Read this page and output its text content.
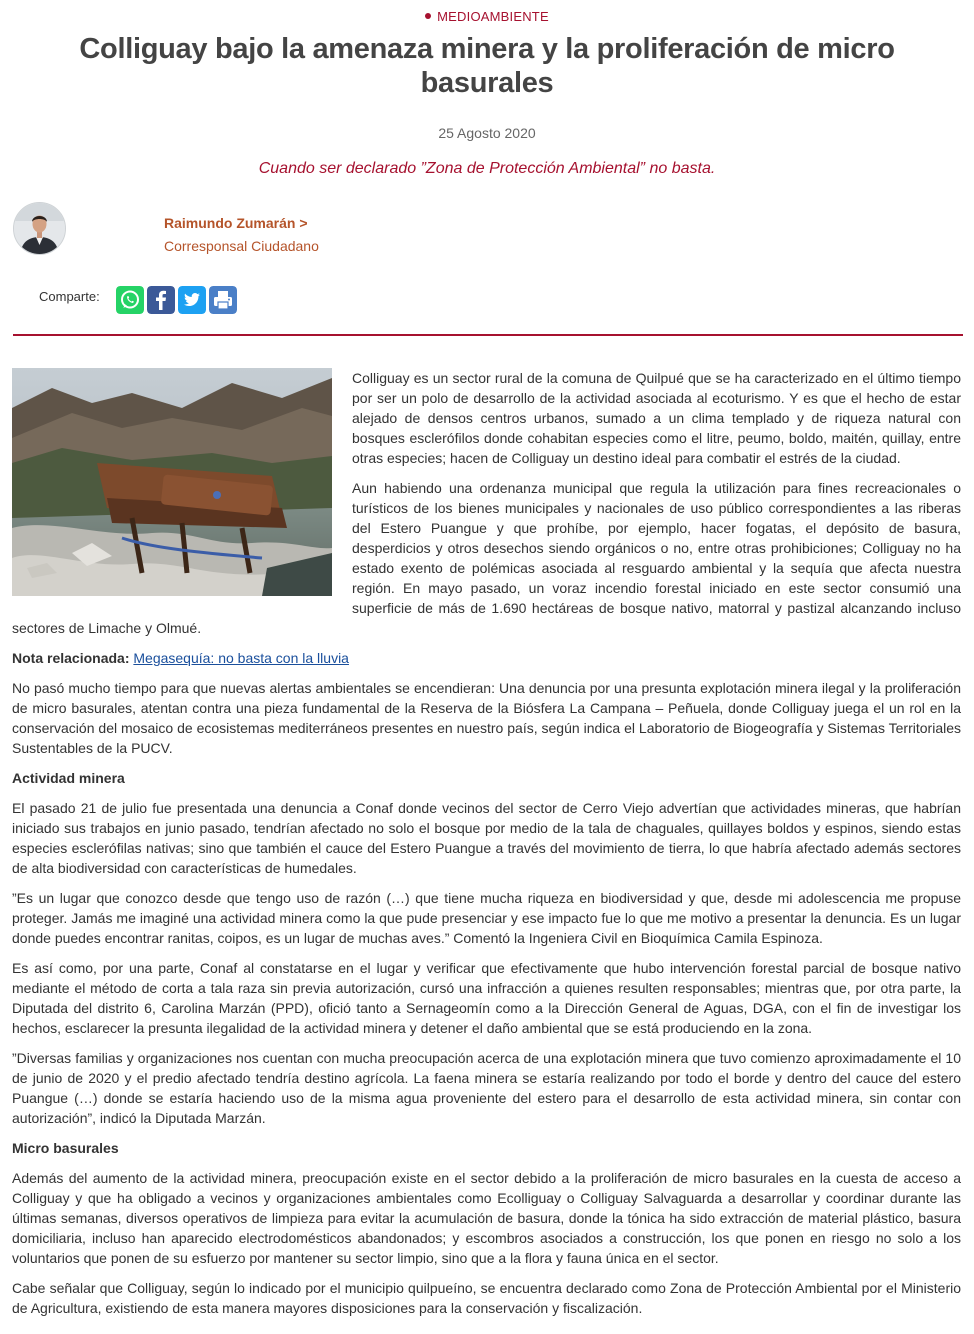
MEDIOAMBIENTE
Colliguay bajo la amenaza minera y la proliferación de micro basurales
25 Agosto 2020
Cuando ser declarado ”Zona de Protección Ambiental” no basta.
Raimundo Zumarán >
Corresponsal Ciudadano
Comparte:

Colliguay es un sector rural de la comuna de Quilpué que se ha caracterizado en el último tiempo por ser un polo de desarrollo de la actividad asociada al ecoturismo. Y es que el hecho de estar alejado de densos centros urbanos, sumado a un clima templado y de riqueza natural con bosques esclerófilos donde cohabitan especies como el litre, peumo, boldo, maitén, quillay, entre otras especies; hacen de Colliguay un destino ideal para combatir el estrés de la ciudad.

Aun habiendo una ordenanza municipal que regula la utilización para fines recreacionales o turísticos de los bienes municipales y nacionales de uso público correspondientes a las riberas del Estero Puangue y que prohíbe, por ejemplo, hacer fogatas, el depósito de basura, desperdicios y otros desechos siendo orgánicos o no, entre otras prohibiciones; Colliguay no ha estado exento de polémicas asociada al resguardo ambiental y la sequía que afecta nuestra región. En mayo pasado, un voraz incendio forestal iniciado en este sector consumió una superficie de más de 1.690 hectáreas de bosque nativo, matorral y pastizal alcanzando incluso sectores de Limache y Olmué.

Nota relacionada: Megasequía: no basta con la lluvia

No pasó mucho tiempo para que nuevas alertas ambientales se encendieran: Una denuncia por una presunta explotación minera ilegal y la proliferación de micro basurales, atentan contra una pieza fundamental de la Reserva de la Biósfera La Campana – Peñuela, donde Colliguay juega el un rol en la conservación del mosaico de ecosistemas mediterráneos presentes en nuestro país, según indica el Laboratorio de Biogeografía y Sistemas Territoriales Sustentables de la PUCV.

Actividad minera

El pasado 21 de julio fue presentada una denuncia a Conaf donde vecinos del sector de Cerro Viejo advertían que actividades mineras, que habrían iniciado sus trabajos en junio pasado, tendrían afectado no solo el bosque por medio de la tala de chaguales, quillayes boldos y espinos, siendo estas especies esclerófilas nativas; sino que también el cauce del Estero Puangue a través del movimiento de tierra, lo que habría afectado además sectores de alta biodiversidad con características de humedales.

”Es un lugar que conozco desde que tengo uso de razón (…) que tiene mucha riqueza en biodiversidad y que, desde mi adolescencia me propuse proteger. Jamás me imaginé una actividad minera como la que pude presenciar y ese impacto fue lo que me motivo a presentar la denuncia. Es un lugar donde puedes encontrar ranitas, coipos, es un lugar de muchas aves.” Comentó la Ingeniera Civil en Bioquímica Camila Espinoza.

Es así como, por una parte, Conaf al constatarse en el lugar y verificar que efectivamente que hubo intervención forestal parcial de bosque nativo mediante el método de corta a tala raza sin previa autorización, cursó una infracción a quienes resulten responsables; mientras que, por otra parte, la Diputada del distrito 6, Carolina Marzán (PPD), ofició tanto a Sernageomín como a la Dirección General de Aguas, DGA, con el fin de investigar los hechos, esclarecer la presunta ilegalidad de la actividad minera y detener el daño ambiental que se está produciendo en la zona.

”Diversas familias y organizaciones nos cuentan con mucha preocupación acerca de una explotación minera que tuvo comienzo aproximadamente el 10 de junio de 2020 y el predio afectado tendría destino agrícola. La faena minera se estaría realizando por todo el borde y dentro del cauce del estero Puangue (…) donde se estaría haciendo uso de la misma agua proveniente del estero para el desarrollo de esta actividad minera, sin contar con autorización”, indicó la Diputada Marzán.

Micro basurales

Además del aumento de la actividad minera, preocupación existe en el sector debido a la proliferación de micro basurales en la cuesta de acceso a Colliguay y que ha obligado a vecinos y organizaciones ambientales como Ecolliguay o Colliguay Salvaguarda a desarrollar y coordinar durante las últimas semanas, diversos operativos de limpieza para evitar la acumulación de basura, donde la tónica ha sido extracción de material plástico, basura domiciliaria, incluso han aparecido electrodomésticos abandonados; y escombros asociados a construcción, los que ponen en riesgo no solo a los voluntarios que ponen de su esfuerzo por mantener su sector limpio, sino que a la flora y fauna única en el sector.

Cabe señalar que Colliguay, según lo indicado por el municipio quilpueíno, se encuentra declarado como Zona de Protección Ambiental por el Ministerio de Agricultura, existiendo de esta manera mayores disposiciones para la conservación y fiscalización.
